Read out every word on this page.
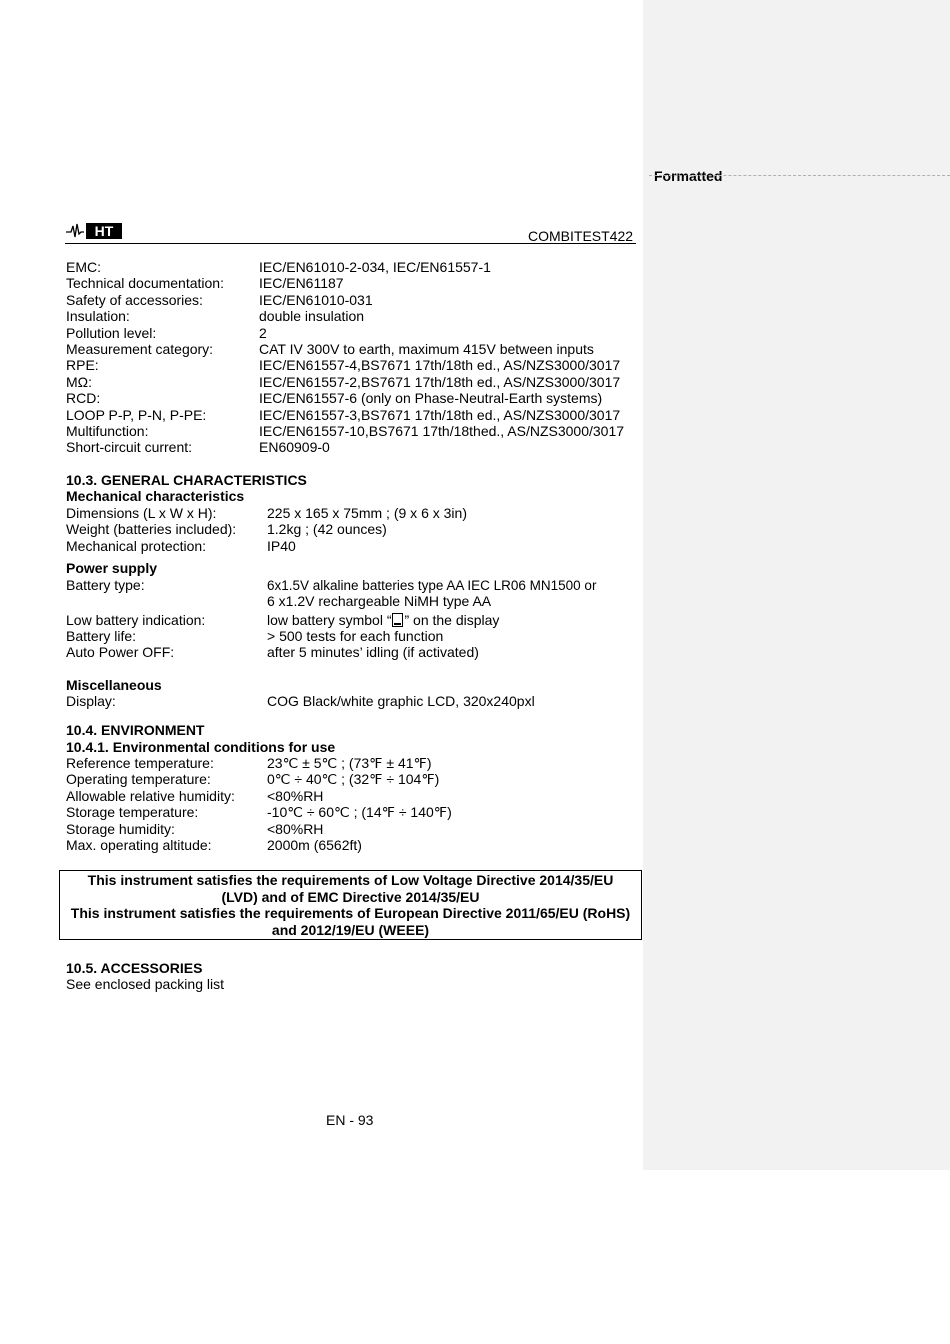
Formatted
HT	COMBITEST422
EMC:	IEC/EN61010-2-034, IEC/EN61557-1
Technical documentation:	IEC/EN61187
Safety of accessories:	IEC/EN61010-031
Insulation:	double insulation
Pollution level:	2
Measurement category:	CAT IV 300V to earth, maximum 415V between inputs
RPE:	IEC/EN61557-4,BS7671 17th/18th ed., AS/NZS3000/3017
MΩ:	IEC/EN61557-2,BS7671 17th/18th ed., AS/NZS3000/3017
RCD:	IEC/EN61557-6 (only on Phase-Neutral-Earth systems)
LOOP P-P, P-N, P-PE:	IEC/EN61557-3,BS7671 17th/18th ed., AS/NZS3000/3017
Multifunction:	IEC/EN61557-10,BS7671 17th/18thed., AS/NZS3000/3017
Short-circuit current:	EN60909-0
10.3. GENERAL CHARACTERISTICS
Mechanical characteristics
Dimensions (L x W x H):	225 x 165 x 75mm ; (9 x 6 x 3in)
Weight (batteries included): 1.2kg ; (42 ounces)
Mechanical protection:	IP40
Power supply
Battery type:	6x1.5V alkaline batteries type AA IEC LR06 MN1500 or
6 x1.2V rechargeable NiMH type AA
Low battery indication:	low battery symbol “ ” on the display
Battery life:	> 500 tests for each function
Auto Power OFF:	after 5 minutes’ idling (if activated)
Miscellaneous
Display:	COG Black/white graphic LCD, 320x240pxl
10.4. ENVIRONMENT
10.4.1. Environmental conditions for use
Reference temperature:	23℃ ± 5℃ ; (73℉ ± 41℉)
Operating temperature:	0℃ ÷ 40℃ ; (32℉ ÷ 104℉)
Allowable relative humidity: <80%RH
Storage temperature:	-10℃ ÷ 60℃ ; (14℉ ÷ 140℉)
Storage humidity:	<80%RH
Max. operating altitude:	2000m (6562ft)
This instrument satisfies the requirements of Low Voltage Directive 2014/35/EU
(LVD) and of EMC Directive 2014/35/EU
This instrument satisfies the requirements of European Directive 2011/65/EU (RoHS)
and 2012/19/EU (WEEE)
10.5. ACCESSORIES
See enclosed packing list
EN - 93
